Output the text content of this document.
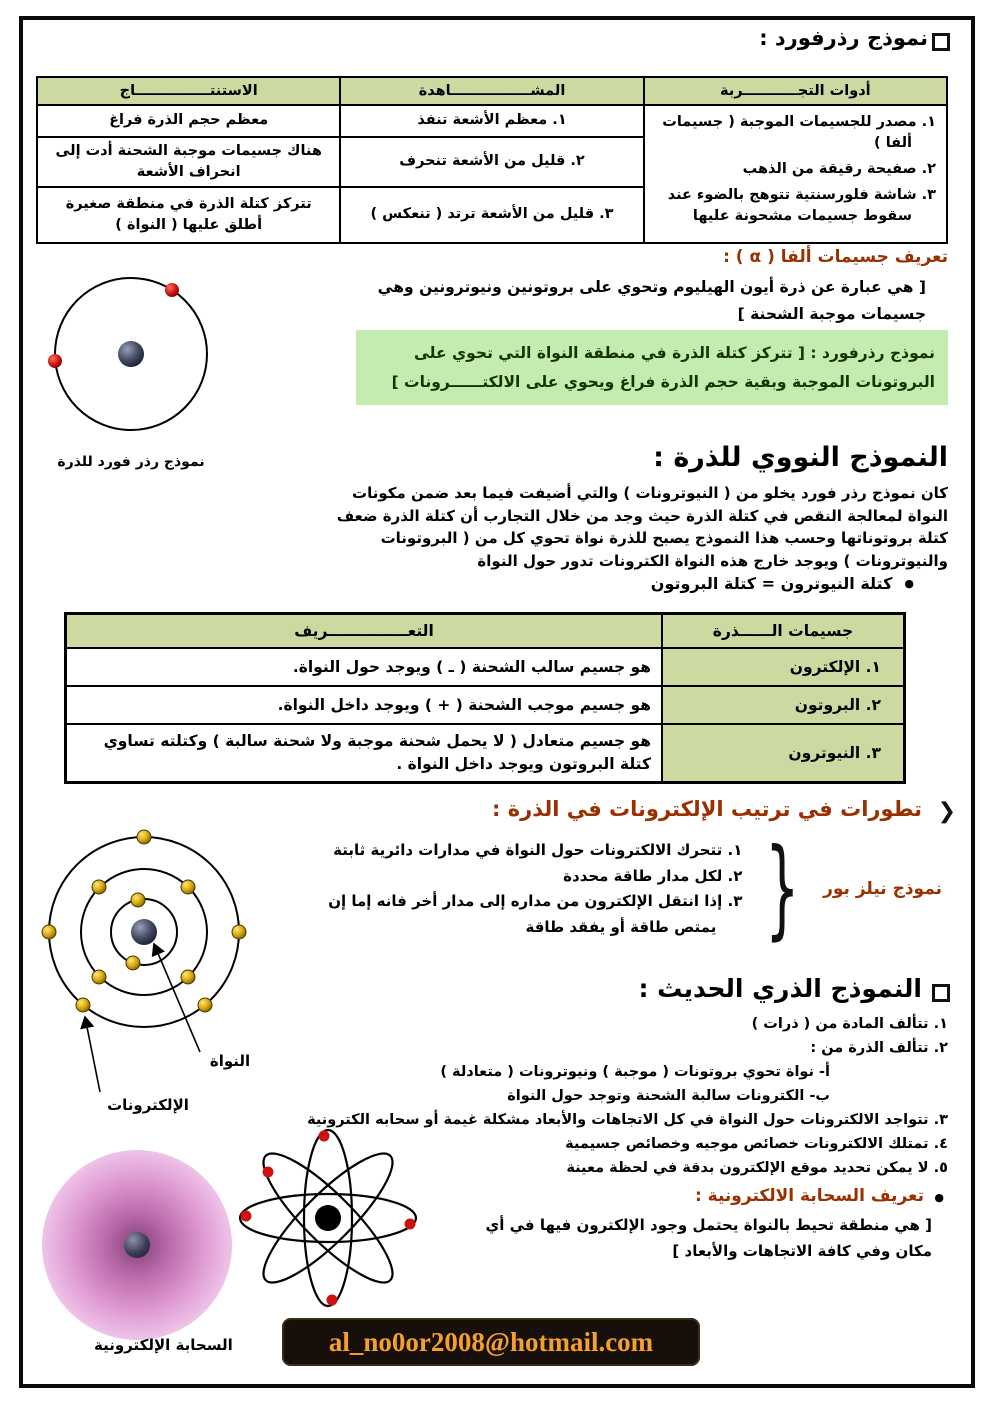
نموذج رذرفورد :
أدوات التجـــــــــــربة	المشــــــــــــــــاهدة	الاستنتـــــــــــــــاج

١. مصدر للجسيمات الموجبة ( جسيمات ألفا )
٢. صفيحة رقيقة من الذهب
٣. شاشة فلورسنتية تتوهج بالضوء عند سقوط جسيمات مشحونة عليها	١. معظم الأشعة تنفذ	معظم حجم الذرة فراغ
	٢. قليل من الأشعة تنحرف	هناك جسيمات موجبة الشحنة أدت إلى انحراف الأشعة
	٣. قليل من الأشعة ترتد ( تنعكس )	تتركز كتلة الذرة في منطقة صغيرة أطلق عليها ( النواة )
تعريف جسيمات ألفا ( α ) :
[ هي عبارة عن ذرة أيون الهيليوم وتحوي على بروتونين ونيوترونين وهي جسيمات موجبة الشحنة ]
نموذج رذر فورد للذرة
نموذج رذرفورد : [ تتركز كتلة الذرة في منطقة النواة التي تحوي على البروتونات الموجبة وبقية حجم الذرة فراغ ويحوي على الالكتــــــرونات ]
النموذج النووي للذرة :
كان نموذج رذر فورد يخلو من ( النيوترونات ) والتي أضيفت فيما بعد ضمن مكونات النواة لمعالجة النقص في كتلة الذرة حيث وجد من خلال التجارب أن كتلة الذرة ضعف كتلة بروتوناتها وحسب هذا النموذج يصبح للذرة نواة تحوي كل من ( البروتونات والنيوترونات ) ويوجد خارج هذه النواة الكترونات تدور حول النواة
●
كتلة النيوترون = كتلة البروتون
جسيمات الــــــذرة	التعـــــــــــــــريف
١. الإلكترون	هو جسيم سالب الشحنة ( ـ ) ويوجد حول النواة.
٢. البروتون	هو جسيم موجب الشحنة ( + ) ويوجد داخل النواة.
٣. النيوترون	هو جسيم متعادل ( لا يحمل شحنة موجبة ولا شحنة سالبة ) وكتلته تساوي كتلة البروتون ويوجد داخل النواة .
❮
تطورات في ترتيب الإلكترونات في الذرة :
نموذج نيلز بور
}
١. تتحرك الالكترونات حول النواة في مدارات دائرية ثابتة
٢. لكل مدار طاقة محددة
٣. إذا انتقل الإلكترون من مداره إلى مدار أخر فانه إما إن يمتص طاقة أو يفقد طاقة
النواة
الإلكترونات
النموذج الذري الحديث :
١. تتألف المادة من ( ذرات )
٢. تتألف الذرة من :
أ- نواة تحوي بروتونات ( موجبة ) ونيوترونات ( متعادلة )
ب- الكترونات سالبة الشحنة وتوجد حول النواة
٣. تتواجد الالكترونات حول النواة في كل الاتجاهات والأبعاد مشكلة غيمة أو سحابه الكترونية
٤. تمتلك الالكترونات خصائص موجيه وخصائص جسيمية
٥. لا يمكن تحديد موقع الإلكترون بدقة في لحظة معينة
●
تعريف السحابة الالكترونية :
[ هي منطقة تحيط بالنواة يحتمل وجود الإلكترون فيها في أي مكان وفي كافة الاتجاهات والأبعاد ]
السحابة الإلكترونية	al_no0or2008@hotmail.com
